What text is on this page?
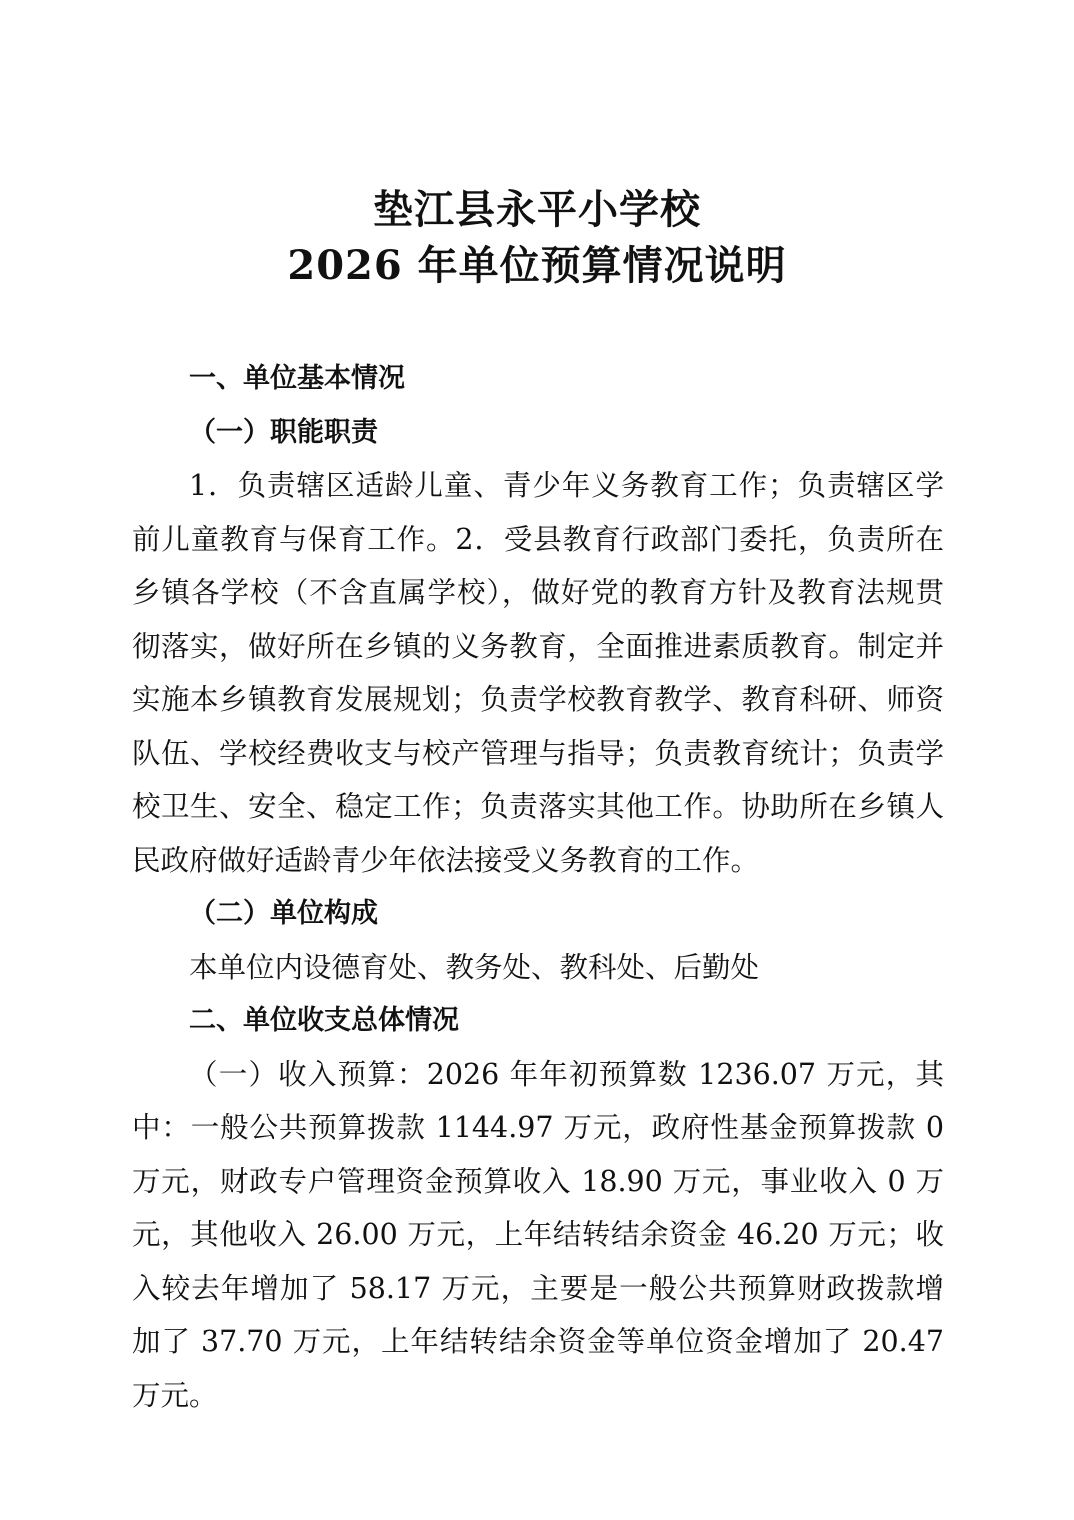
垫江县永平小学校
2026 年单位预算情况说明
一、单位基本情况
（一）职能职责

1．负责辖区适龄儿童、青少年义务教育工作；负责辖区学前儿童教育与保育工作。2．受县教育行政部门委托，负责所在乡镇各学校（不含直属学校），做好党的教育方针及教育法规贯彻落实，做好所在乡镇的义务教育，全面推进素质教育。制定并实施本乡镇教育发展规划；负责学校教育教学、教育科研、师资队伍、学校经费收支与校产管理与指导；负责教育统计；负责学校卫生、安全、稳定工作；负责落实其他工作。协助所在乡镇人民政府做好适龄青少年依法接受义务教育的工作。

（二）单位构成

本单位内设德育处、教务处、教科处、后勤处

二、单位收支总体情况

（一）收入预算：2026 年年初预算数 1236.07 万元，其中：一般公共预算拨款 1144.97 万元，政府性基金预算拨款 0 万元，财政专户管理资金预算收入 18.90 万元，事业收入 0 万元，其他收入 26.00 万元，上年结转结余资金 46.20 万元；收入较去年增加了 58.17 万元，主要是一般公共预算财政拨款增加了 37.70 万元，上年结转结余资金等单位资金增加了 20.47 万元。
